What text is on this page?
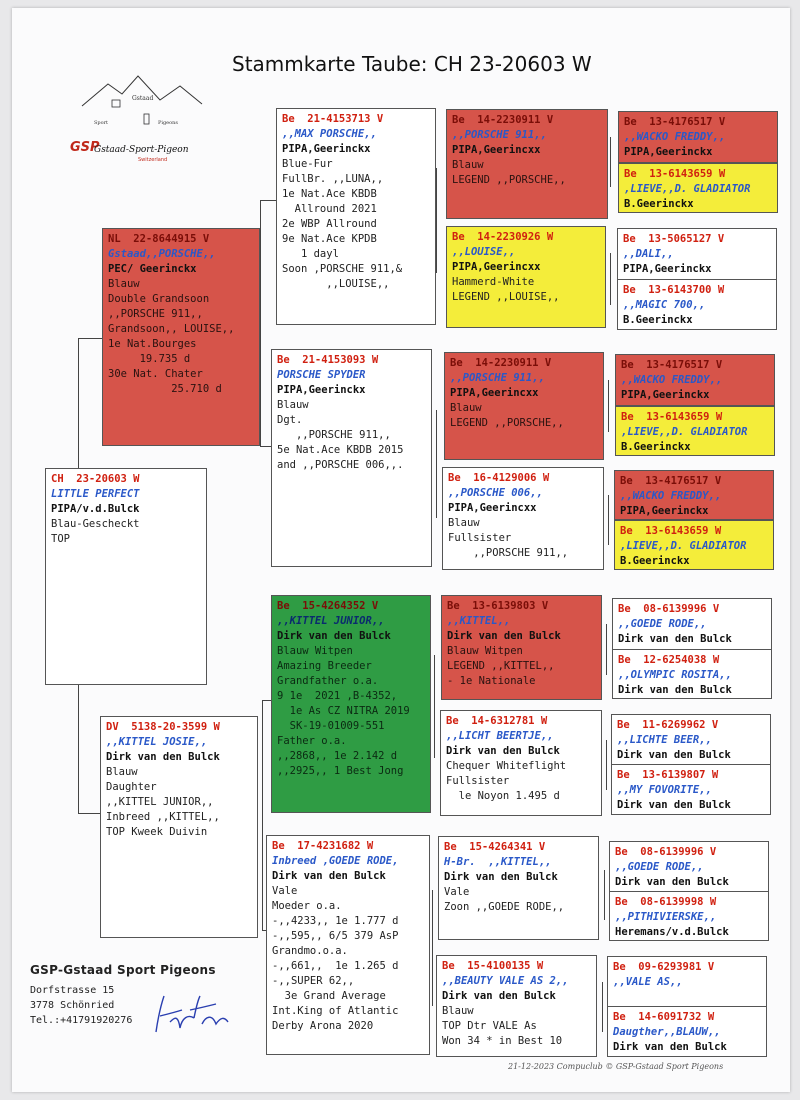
Stammkarte Taube: CH 23-20603 W
Gstaad
Sport	Pigeons
GSP
Gstaad-Sport-Pigeon
Switzerland
CH  23-20603 W
LITTLE PERFECT
PIPA/v.d.Bulck
Blau-Gescheckt
TOP
NL  22-8644915 V
Gstaad,,PORSCHE,,
PEC/ Geerinckx
Blauw
Double Grandsoon
,,PORSCHE 911,,
Grandsoon,, LOUISE,,
1e Nat.Bourges
19.735 d
30e Nat. Chater
25.710 d
DV  5138-20-3599 W
,,KITTEL JOSIE,,
Dirk van den Bulck
Blauw
Daughter
,,KITTEL JUNIOR,,
Inbreed ,,KITTEL,,
TOP Kweek Duivin
Be  21-4153713 V
,,MAX PORSCHE,,
PIPA,Geerinckx
Blue-Fur
FullBr. ,,LUNA,,
1e Nat.Ace KBDB
Allround 2021
2e WBP Allround
9e Nat.Ace KPDB
1 dayl
Soon ,PORSCHE 911,&
,,LOUISE,,
Be  21-4153093 W
PORSCHE SPYDER
PIPA,Geerinckx
Blauw
Dgt.
,,PORSCHE 911,,
5e Nat.Ace KBDB 2015
and ,,PORSCHE 006,,.
Be  15-4264352 V
,,KITTEL JUNIOR,,
Dirk van den Bulck
Blauw Witpen
Amazing Breeder
Grandfather o.a.
9 1e  2021 ,B-4352,
1e As CZ NITRA 2019
SK-19-01009-551
Father o.a.
,,2868,, 1e 2.142 d
,,2925,, 1 Best Jong
Be  17-4231682 W
Inbreed ,GOEDE RODE,
Dirk van den Bulck
Vale
Moeder o.a.
-,,4233,, 1e 1.777 d
-,,595,, 6/5 379 AsP
Grandmo.o.a.
-,,661,,  1e 1.265 d
-,,SUPER 62,,
3e Grand Average
Int.King of Atlantic
Derby Arona 2020
Be  14-2230911 V
,,PORSCHE 911,,
PIPA,Geerincxx
Blauw
LEGEND ,,PORSCHE,,
Be  14-2230926 W
,,LOUISE,,
PIPA,Geerincxx
Hammerd-White
LEGEND ,,LOUISE,,
Be  14-2230911 V
,,PORSCHE 911,,
PIPA,Geerincxx
Blauw
LEGEND ,,PORSCHE,,
Be  16-4129006 W
,,PORSCHE 006,,
PIPA,Geerincxx
Blauw
Fullsister
,,PORSCHE 911,,
Be  13-6139803 V
,,KITTEL,,
Dirk van den Bulck
Blauw Witpen
LEGEND ,,KITTEL,,
- 1e Nationale
Be  14-6312781 W
,,LICHT BEERTJE,,
Dirk van den Bulck
Chequer Whiteflight
Fullsister
le Noyon 1.495 d
Be  15-4264341 V
H-Br.  ,,KITTEL,,
Dirk van den Bulck
Vale
Zoon ,,GOEDE RODE,,
Be  15-4100135 W
,,BEAUTY VALE AS 2,,
Dirk van den Bulck
Blauw
TOP Dtr VALE As
Won 34 * in Best 10
Be  13-4176517 V
,,WACKO FREDDY,,
PIPA,Geerinckx
Be  13-6143659 W
,LIEVE,,D. GLADIATOR
B.Geerinckx
Be  13-5065127 V
,,DALI,,
PIPA,Geerinckx
Be  13-6143700 W
,,MAGIC 700,,
B.Geerinckx
Be  13-4176517 V
,,WACKO FREDDY,,
PIPA,Geerinckx
Be  13-6143659 W
,LIEVE,,D. GLADIATOR
B.Geerinckx
Be  13-4176517 V
,,WACKO FREDDY,,
PIPA,Geerinckx
Be  13-6143659 W
,LIEVE,,D. GLADIATOR
B.Geerinckx
Be  08-6139996 V
,,GOEDE RODE,,
Dirk van den Bulck
Be  12-6254038 W
,,OLYMPIC ROSITA,,
Dirk van den Bulck
Be  11-6269962 V
,,LICHTE BEER,,
Dirk van den Bulck
Be  13-6139807 W
,,MY FOVORITE,,
Dirk van den Bulck
Be  08-6139996 V
,,GOEDE RODE,,
Dirk van den Bulck
Be  08-6139998 W
,,PITHIVIERSKE,,
Heremans/v.d.Bulck
Be  09-6293981 V
,,VALE AS,,
Be  14-6091732 W
Daugther,,BLAUW,,
Dirk van den Bulck
GSP-Gstaad Sport Pigeons
Dorfstrasse 15
3778 Schönried
Tel.:+41791920276
21-12-2023 Compuclub © GSP-Gstaad Sport Pigeons
